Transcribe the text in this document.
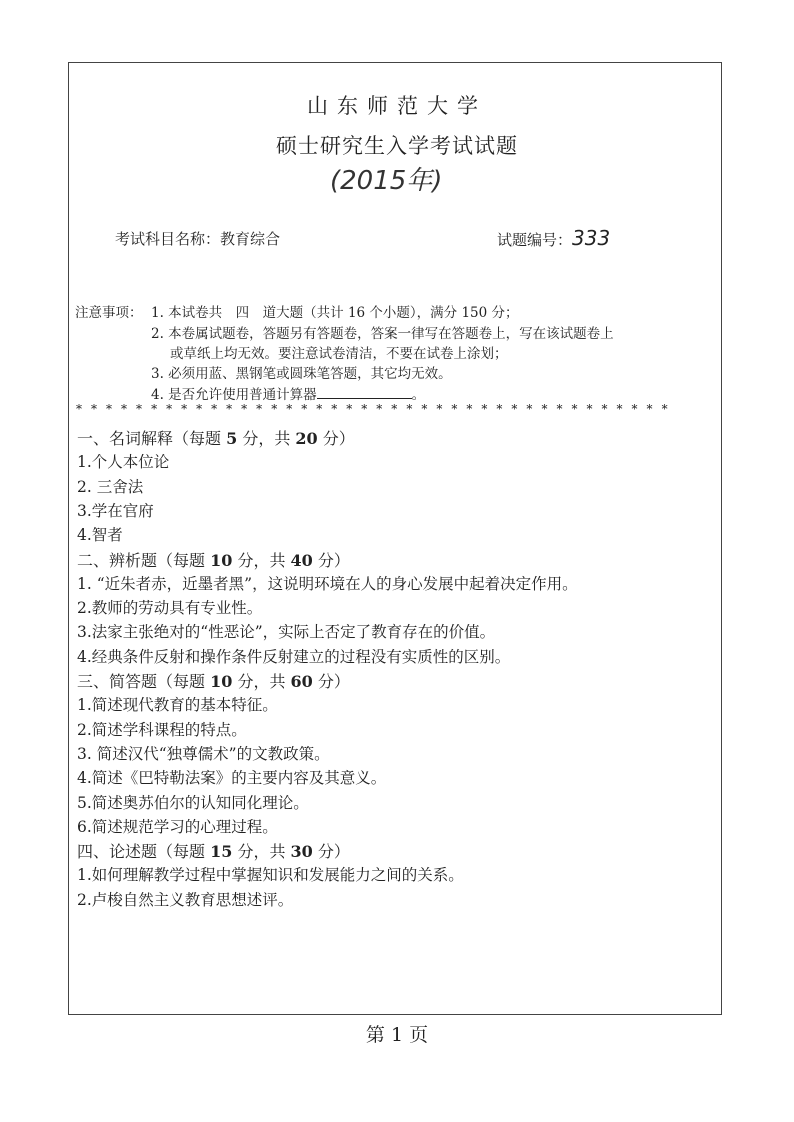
山东师范大学
硕士研究生入学考试试题
(2015年)
考试科目名称：教育综合	试题编号：333
注意事项： 1. 本试卷共　四　道大题（共计 16 个小题），满分 150 分；
2. 本卷属试题卷，答题另有答题卷，答案一律写在答题卷上，写在该试题卷上
或草纸上均无效。要注意试卷清洁，不要在试卷上涂划；
3. 必须用蓝、黑钢笔或圆珠笔答题，其它均无效。
4. 是否允许使用普通计算器	。
* * * * * * * * * * * * * * * * * * * * * * * * * * * * * * * * * * * * * * * *
一、名词解释（每题 5 分，共 20 分）
1.个人本位论
2. 三舍法
3.学在官府
4.智者
二、辨析题（每题 10 分，共 40 分）
1. “近朱者赤，近墨者黑”，这说明环境在人的身心发展中起着决定作用。
2.教师的劳动具有专业性。
3.法家主张绝对的“性恶论”，实际上否定了教育存在的价值。
4.经典条件反射和操作条件反射建立的过程没有实质性的区别。
三、简答题（每题 10 分，共 60 分）
1.简述现代教育的基本特征。
2.简述学科课程的特点。
3. 简述汉代“独尊儒术”的文教政策。
4.简述《巴特勒法案》的主要内容及其意义。
5.简述奥苏伯尔的认知同化理论。
6.简述规范学习的心理过程。
四、论述题（每题 15 分，共 30 分）
1.如何理解教学过程中掌握知识和发展能力之间的关系。
2.卢梭自然主义教育思想述评。
第 1 页
